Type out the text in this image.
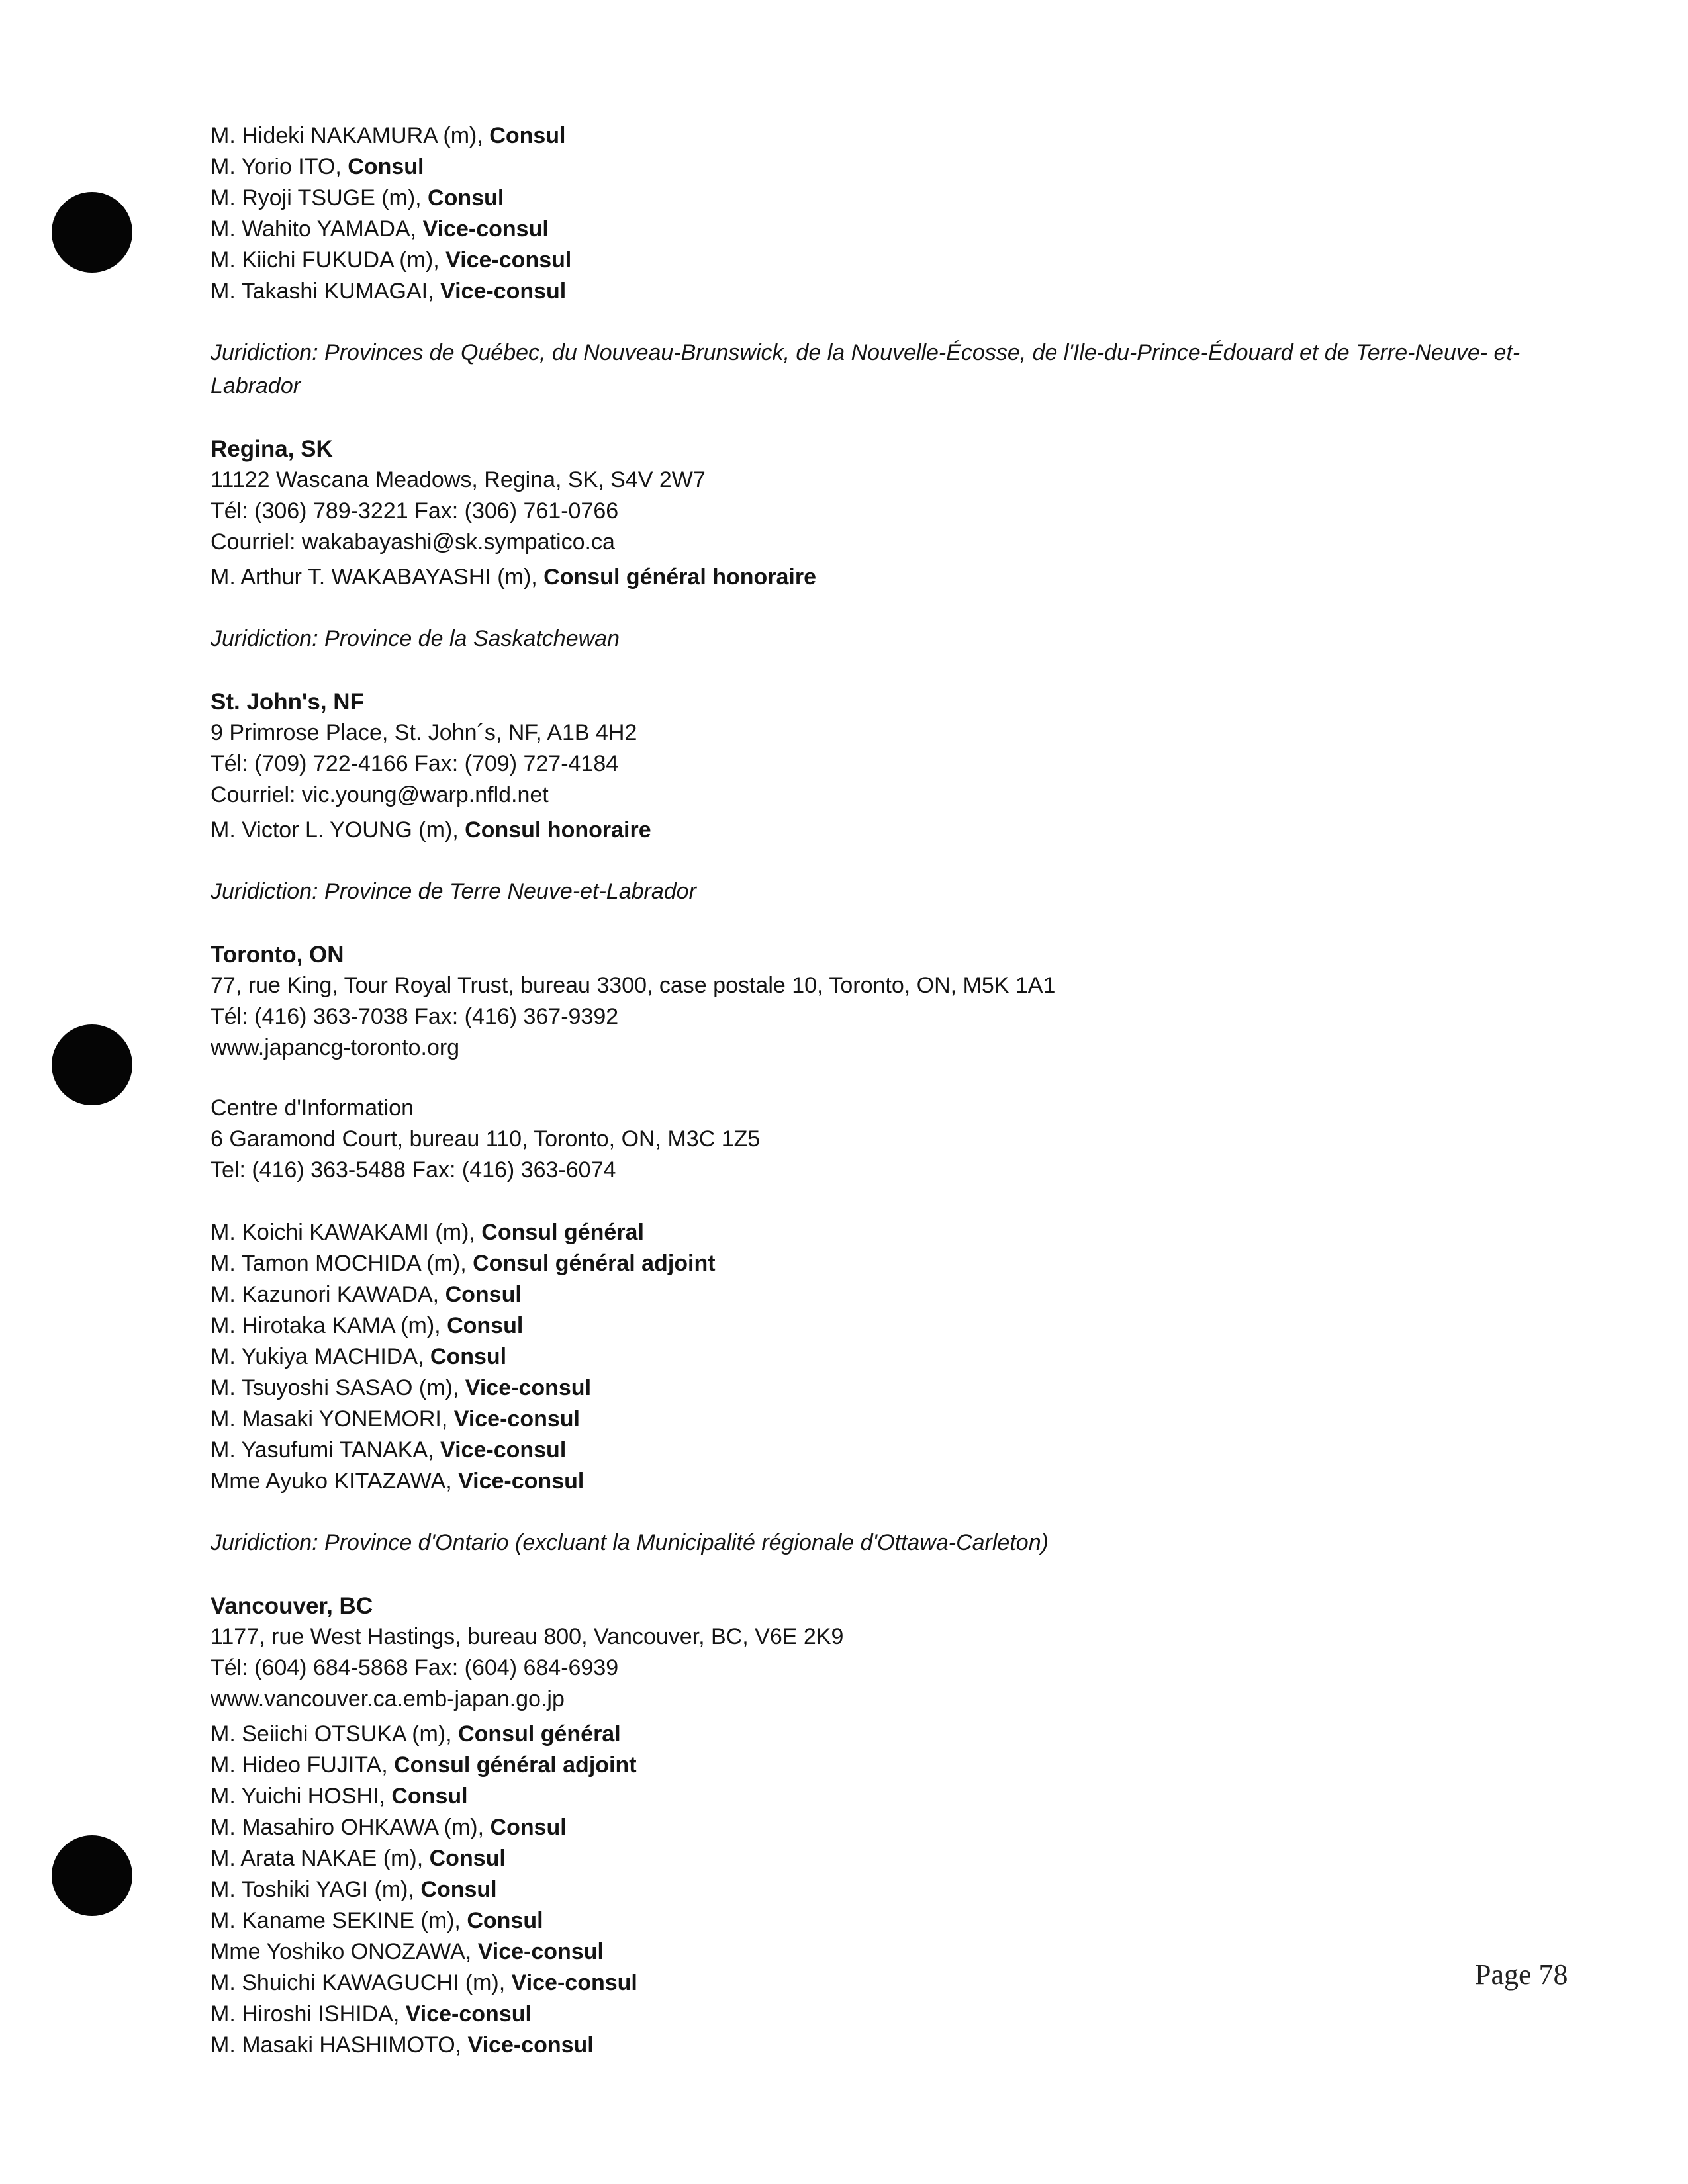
M. Hideki NAKAMURA (m), Consul
M. Yorio ITO, Consul
M. Ryoji TSUGE (m), Consul
M. Wahito YAMADA, Vice-consul
M. Kiichi FUKUDA (m), Vice-consul
M. Takashi KUMAGAI, Vice-consul
Juridiction: Provinces de Québec, du Nouveau-Brunswick, de la Nouvelle-Écosse, de l'Ile-du-Prince-Édouard et de Terre-Neuve- et-Labrador
Regina, SK
11122 Wascana Meadows, Regina, SK, S4V 2W7
Tél: (306) 789-3221 Fax: (306) 761-0766
Courriel: wakabayashi@sk.sympatico.ca
M. Arthur T. WAKABAYASHI (m), Consul général honoraire
Juridiction: Province de la Saskatchewan
St. John's, NF
9 Primrose Place, St. John´s, NF, A1B 4H2
Tél: (709) 722-4166 Fax: (709) 727-4184
Courriel: vic.young@warp.nfld.net
M. Victor L. YOUNG (m), Consul honoraire
Juridiction: Province de Terre Neuve-et-Labrador
Toronto, ON
77, rue King, Tour Royal Trust, bureau 3300, case postale 10, Toronto, ON, M5K 1A1
Tél: (416) 363-7038 Fax: (416) 367-9392
www.japancg-toronto.org
Centre d'Information
6 Garamond Court, bureau 110, Toronto, ON, M3C 1Z5
Tel: (416) 363-5488 Fax: (416) 363-6074
M. Koichi KAWAKAMI (m), Consul général
M. Tamon MOCHIDA (m), Consul général adjoint
M. Kazunori KAWADA, Consul
M. Hirotaka KAMA (m), Consul
M. Yukiya MACHIDA, Consul
M. Tsuyoshi SASAO (m), Vice-consul
M. Masaki YONEMORI, Vice-consul
M. Yasufumi TANAKA, Vice-consul
Mme Ayuko KITAZAWA, Vice-consul
Juridiction: Province d'Ontario (excluant la Municipalité régionale d'Ottawa-Carleton)
Vancouver, BC
1177, rue West Hastings, bureau 800, Vancouver, BC, V6E 2K9
Tél: (604) 684-5868 Fax: (604) 684-6939
www.vancouver.ca.emb-japan.go.jp
M. Seiichi OTSUKA (m), Consul général
M. Hideo FUJITA, Consul général adjoint
M. Yuichi HOSHI, Consul
M. Masahiro OHKAWA (m), Consul
M. Arata NAKAE (m), Consul
M. Toshiki YAGI (m), Consul
M. Kaname SEKINE (m), Consul
Mme Yoshiko ONOZAWA, Vice-consul
M. Shuichi KAWAGUCHI (m), Vice-consul
M. Hiroshi ISHIDA, Vice-consul
M. Masaki HASHIMOTO, Vice-consul
Page 78
